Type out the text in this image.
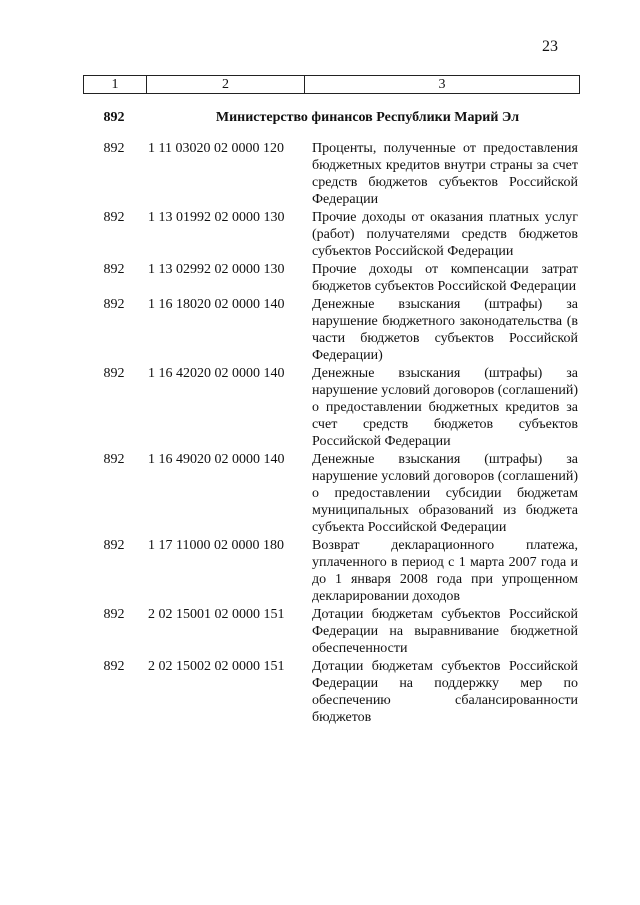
23
1	2	3
892	Министерство финансов Республики Марий Эл
892	1 11 03020 02 0000 120	Проценты, полученные от предоставления бюджетных кредитов внутри страны за счет средств бюджетов субъектов Российской Федерации
892	1 13 01992 02 0000 130	Прочие доходы от оказания платных услуг (работ) получателями средств бюджетов субъектов Российской Федерации
892	1 13 02992 02 0000 130	Прочие доходы от компенсации затрат бюджетов субъектов Российской Федерации
892	1 16 18020 02 0000 140	Денежные взыскания (штрафы) за нарушение бюджетного законодательства (в части бюджетов субъектов Российской Федерации)
892	1 16 42020 02 0000 140	Денежные взыскания (штрафы) за нарушение условий договоров (соглашений) о предоставлении бюджетных кредитов за счет средств бюджетов субъектов Российской Федерации
892	1 16 49020 02 0000 140	Денежные взыскания (штрафы) за нарушение условий договоров (соглашений) о предоставлении субсидии бюджетам муниципальных образований из бюджета субъекта Российской Федерации
892	1 17 11000 02 0000 180	Возврат декларационного платежа, уплаченного в период с 1 марта 2007 года и до 1 января 2008 года при упрощенном декларировании доходов
892	2 02 15001 02 0000 151	Дотации бюджетам субъектов Российской Федерации на выравнивание бюджетной обеспеченности
892	2 02 15002 02 0000 151	Дотации бюджетам субъектов Российской Федерации на поддержку мер по обеспечению сбалансированности бюджетов
